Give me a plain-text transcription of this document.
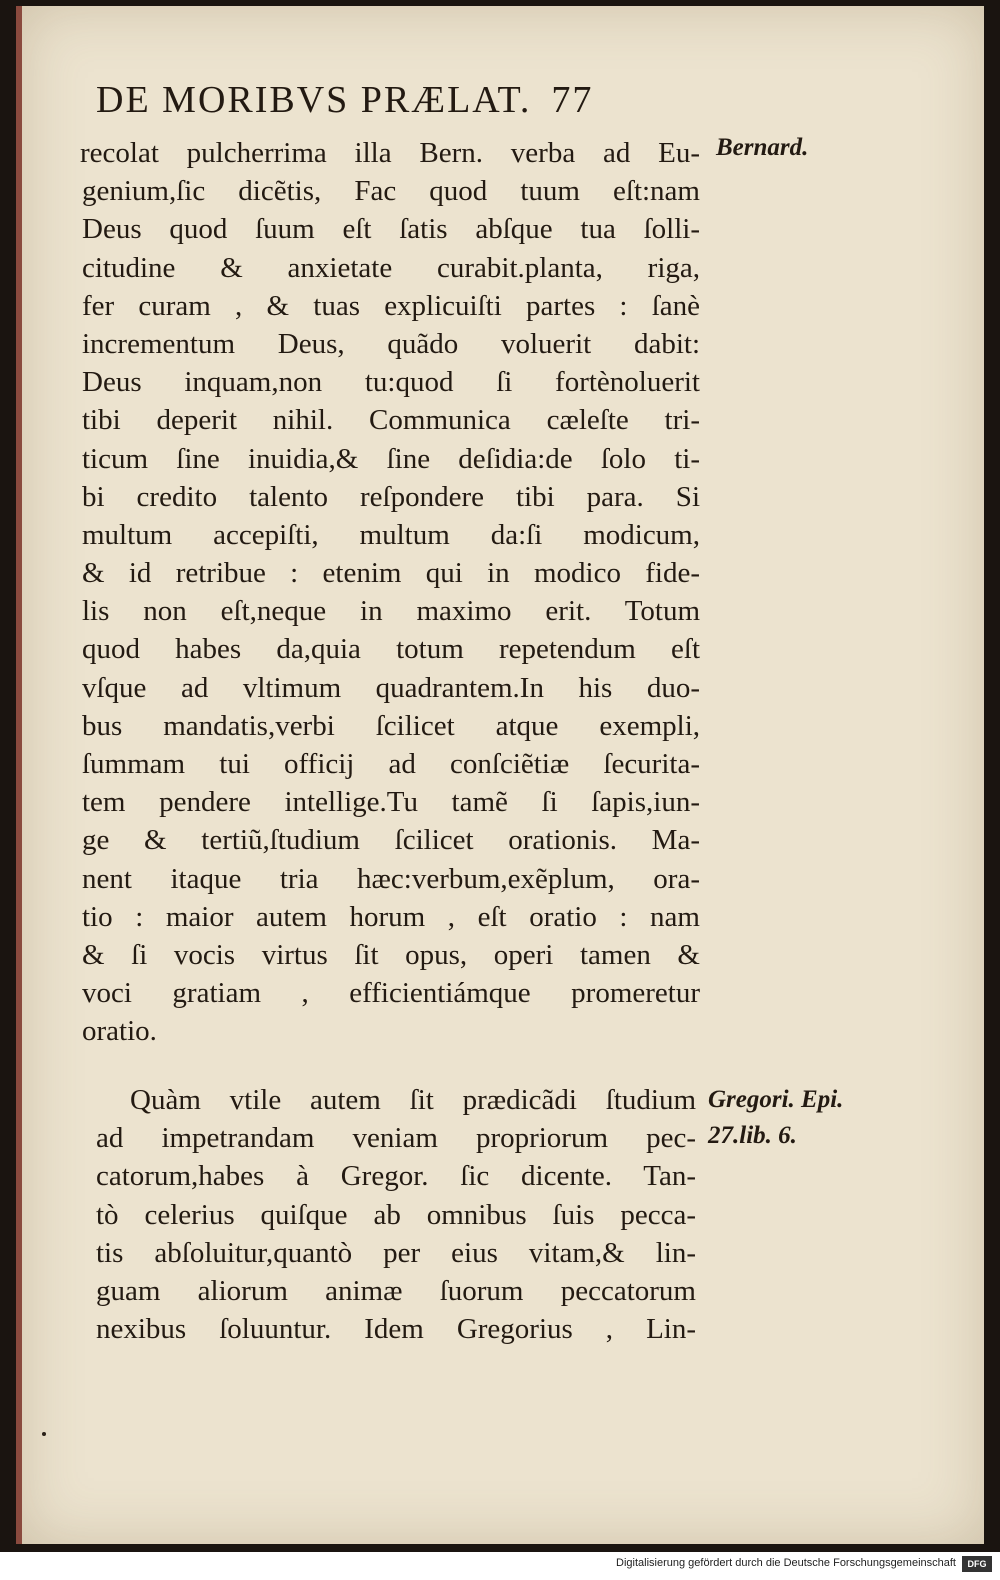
DE MORIBVS PRÆLAT. 77
recolat pulcherrima illa Bern. verba ad Eu-
genium,ſic dicẽtis, Fac quod tuum eſt:nam
Deus quod ſuum eſt ſatis abſque tua ſolli-
citudine & anxietate curabit.planta, riga,
fer curam , & tuas explicuiſti partes : ſanè
incrementum Deus, quãdo voluerit dabit:
Deus inquam,non tu:quod ſi fortènoluerit
tibi deperit nihil. Communica cæleſte tri-
ticum ſine inuidia,& ſine deſidia:de ſolo ti-
bi credito talento reſpondere tibi para. Si
multum accepiſti, multum da:ſi modicum,
& id retribue : etenim qui in modico fide-
lis non eſt,neque in maximo erit. Totum
quod habes da,quia totum repetendum eſt
vſque ad vltimum quadrantem.In his duo-
bus mandatis,verbi ſcilicet atque exempli,
ſummam tui officij ad conſciẽtiæ ſecurita-
tem pendere intellige.Tu tamẽ ſi ſapis,iun-
ge & tertiũ,ſtudium ſcilicet orationis. Ma-
nent itaque tria hæc:verbum,exẽplum, ora-
tio : maior autem horum , eſt oratio : nam
& ſi vocis virtus ſit opus, operi tamen &
voci gratiam , efficientiámque promeretur
oratio.
Quàm vtile autem ſit prædicãdi ſtudium
ad impetrandam veniam propriorum pec-
catorum,habes à Gregor. ſic dicente. Tan-
tò celerius quiſque ab omnibus ſuis pecca-
tis abſoluitur,quantò per eius vitam,& lin-
guam aliorum animæ ſuorum peccatorum
nexibus ſoluuntur. Idem Gregorius , Lin-
Bernard.
Gregori. Epi.
27.lib. 6.
Digitalisierung gefördert durch die Deutsche Forschungsgemeinschaft	DFG
